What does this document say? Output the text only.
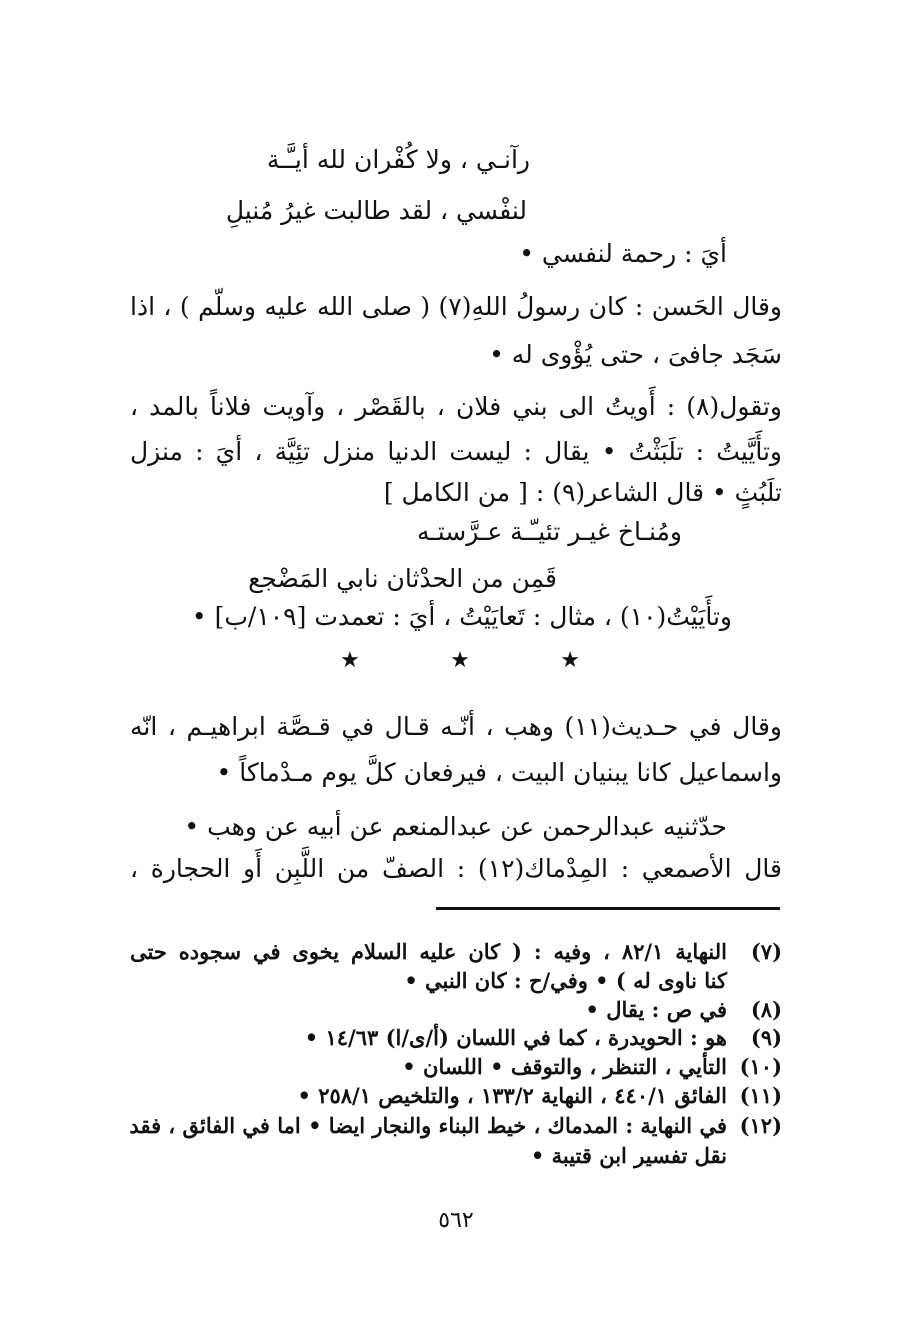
رآنـي ، ولا كُفْران لله أيـَّـة
لنفْسي ، لقد طالبت غيرُ مُنيلِ
أيَ : رحمة لنفسي •
وقال الحَسن : كان رسولُ اللهِ(٧) ( صلى الله عليه وسلّم ) ، اذا
سَجَد جافىَ ، حتى يُؤْوى له •
وتقول(٨) : أَويتُ الى بني فلان ، بالقَصْر ، وآويت فلاناً بالمد ،
وتأَيَّيتُ : تلَبَثْتُ • يقال : ليست الدنيا منزل تئِيَّة ، أيَ : منزل
تلَبُثٍ • قال الشاعر(٩) : [ من الكامل ]
ومُنـاخ غيـر تئيـّـة عـرَّستـه
قَمِن من الحدْثان نابي المَضْجع
وتأَيَيْتُ(١٠) ، مثال : تَعايَيْتُ ، أيَ : تعمدت [١٠٩/ب] •
★	★	★
وقال في حـديث(١١) وهب ، أنّـه قـال في قـصَّة ابراهيـم ، انّه
واسماعيل كانا يبنيان البيت ، فيرفعان كلَّ يوم مـدْماكاً •
حدّثنيه عبدالرحمن عن عبدالمنعم عن أبيه عن وهب •
قال الأصمعي : المِدْماك(١٢) : الصفّ من اللَّبِن أَو الحجارة ،
(٧)
النهاية ٨٢/١ ، وفيه : ( كان عليه السلام يخوى في سجوده حتى
كنا ناوى له ) • وفي/ح : كان النبي •
(٨)
في ص : يقال •
(٩)
هو : الحويدرة ، كما في اللسان (أ/ى/ا) ١٤/٦٣ •
(١٠)
التأيي ، التنظر ، والتوقف • اللسان •
(١١)
الفائق ٤٤٠/١ ، النهاية ١٣٣/٢ ، والتلخيص ٢٥٨/١ •
(١٢)
في النهاية : المدماك ، خيط البناء والنجار ايضا • اما في الفائق ، فقد
نقل تفسير ابن قتيبة •
٥٦٢
